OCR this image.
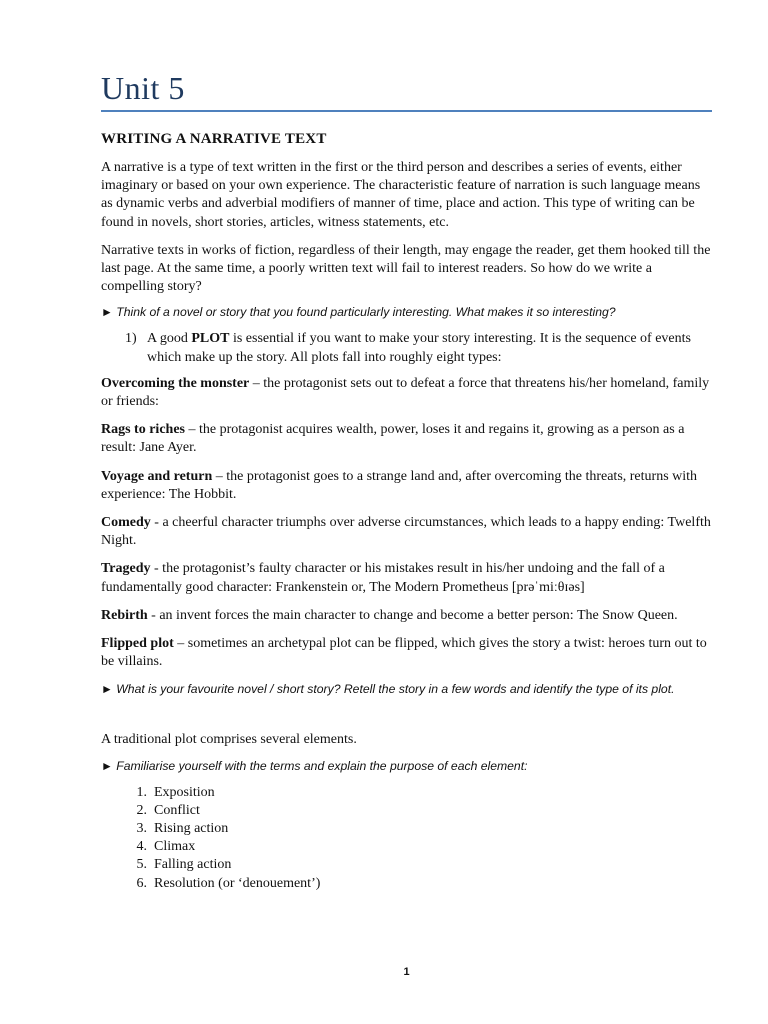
Unit 5
WRITING A NARRATIVE TEXT

A narrative is a type of text written in the first or the third person and describes a series of events, either imaginary or based on your own experience. The characteristic feature of narration is such language means as dynamic verbs and adverbial modifiers of manner of time, place and action. This type of writing can be found in novels, short stories, articles, witness statements, etc.

Narrative texts in works of fiction, regardless of their length, may engage the reader, get them hooked till the last page. At the same time, a poorly written text will fail to interest readers. So how do we write a compelling story?

► Think of a novel or story that you found particularly interesting. What makes it so interesting?

1) A good PLOT is essential if you want to make your story interesting. It is the sequence of events which make up the story. All plots fall into roughly eight types:

Overcoming the monster – the protagonist sets out to defeat a force that threatens his/her homeland, family or friends:

Rags to riches – the protagonist acquires wealth, power, loses it and regains it, growing as a person as a result: Jane Ayer.

Voyage and return – the protagonist goes to a strange land and, after overcoming the threats, returns with experience: The Hobbit.

Comedy - a cheerful character triumphs over adverse circumstances, which leads to a happy ending: Twelfth Night.

Tragedy - the protagonist’s faulty character or his mistakes result in his/her undoing and the fall of a fundamentally good character: Frankenstein or, The Modern Prometheus [prəˈmiːθɪəs]

Rebirth - an invent forces the main character to change and become a better person: The Snow Queen.

Flipped plot – sometimes an archetypal plot can be flipped, which gives the story a twist: heroes turn out to be villains.

► What is your favourite novel / short story? Retell the story in a few words and identify the type of its plot.

A traditional plot comprises several elements.

► Familiarise yourself with the terms and explain the purpose of each element:

1. Exposition
2. Conflict
3. Rising action
4. Climax
5. Falling action
6. Resolution (or ‘denouement’)
1
